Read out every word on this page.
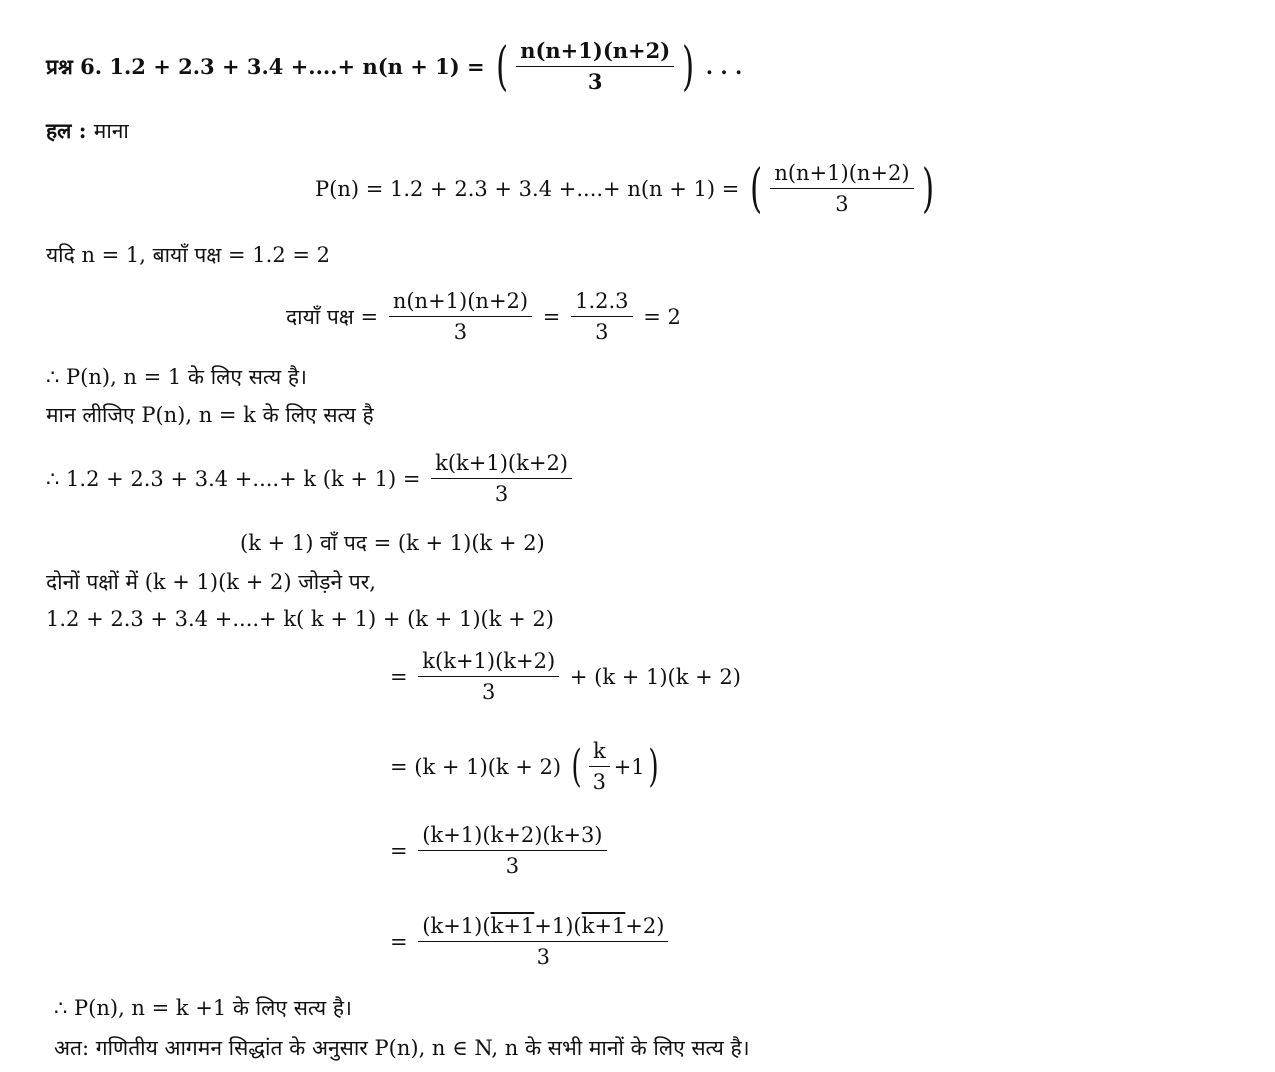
प्रश्न 6. 1.2 + 2.3 + 3.4 +....+ n(n + 1) = ( $\frac{n(n+1)(n+2)}{3}$ ) . . .
हल : माना
P(n) = 1.2 + 2.3 + 3.4 +....+ n(n + 1) = ( $\frac{n(n+1)(n+2)}{3}$ )
यदि n = 1, बायाँ पक्ष = 1.2 = 2
दायाँ पक्ष = $\frac{n(n+1)(n+2)}{3} = \frac{1.2.3}{3} = 2$
∴ P(n), n = 1 के लिए सत्य है।
मान लीजिए P(n), n = k के लिए सत्य है
∴ 1.2 + 2.3 + 3.4 +....+ k $(k + 1) = \frac{k(k+1)(k+2)}{3}$
(k + 1) वाँ पद = (k + 1)(k + 2)
दोनों पक्षों में (k + 1)(k + 2) जोड़ने पर,
1.2 + 2.3 + 3.4 +....+ k( k + 1) + (k + 1)(k + 2)
= $\frac{k(k+1)(k+2)}{3} + (k + 1)(k + 2)$
= (k + 1)(k + 2) ( $\frac{k}{3} +1$)
= $\frac{(k+1)(k+2)(k+3)}{3}$
= $\frac{(k+1)(k+1+1)(k+1+2)}{3}$
∴ P(n), n = k +1 के लिए सत्य है।
अत: गणितीय आगमन सिद्धांत के अनुसार P(n), n ∈ N, n के सभी मानों के लिए सत्य है।
